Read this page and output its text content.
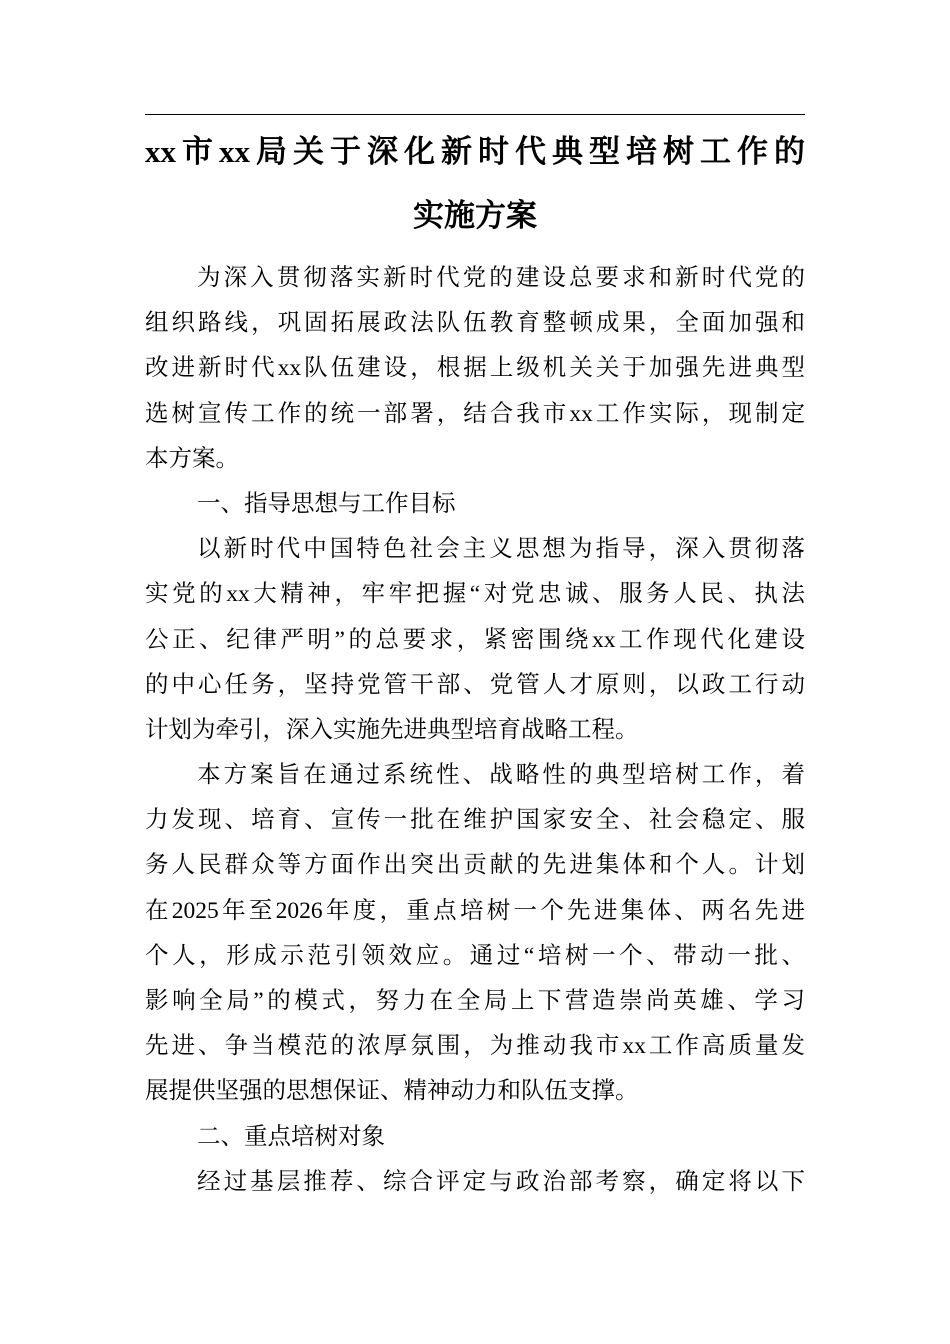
xx市xx局关于深化新时代典型培树工作的
实施方案
为深入贯彻落实新时代党的建设总要求和新时代党的
组织路线，巩固拓展政法队伍教育整顿成果，全面加强和
改进新时代xx队伍建设，根据上级机关关于加强先进典型
选树宣传工作的统一部署，结合我市xx工作实际，现制定
本方案。
一、指导思想与工作目标
以新时代中国特色社会主义思想为指导，深入贯彻落
实党的xx大精神，牢牢把握“对党忠诚、服务人民、执法
公正、纪律严明”的总要求，紧密围绕xx工作现代化建设
的中心任务，坚持党管干部、党管人才原则，以政工行动
计划为牵引，深入实施先进典型培育战略工程。
本方案旨在通过系统性、战略性的典型培树工作，着
力发现、培育、宣传一批在维护国家安全、社会稳定、服
务人民群众等方面作出突出贡献的先进集体和个人。计划
在2025年至2026年度，重点培树一个先进集体、两名先进
个人，形成示范引领效应。通过“培树一个、带动一批、
影响全局”的模式，努力在全局上下营造崇尚英雄、学习
先进、争当模范的浓厚氛围，为推动我市xx工作高质量发
展提供坚强的思想保证、精神动力和队伍支撑。
二、重点培树对象
经过基层推荐、综合评定与政治部考察，确定将以下
